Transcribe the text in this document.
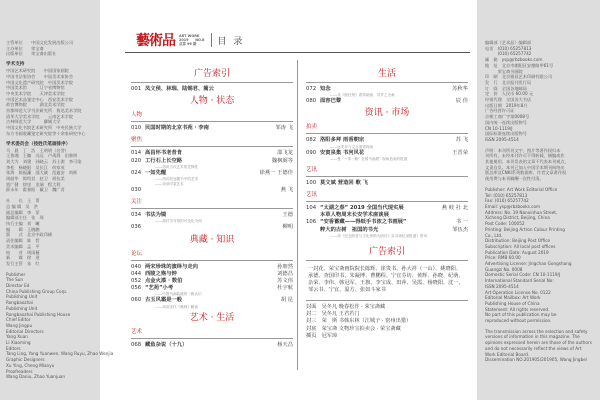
主管单位　　中国文化发展出版公司
主办单位　　荣宝斋
出版单位　　荣宝斋出版社
学术支持
中国艺术研究院　　中国国家画院
中国书法家协会　　中国美术家协会
中国文化遗产研究院　中国美术学院
中国美术馆　　　辽宁省博物馆
中央美术学院　　天津美术学院
中国艺术品鉴定中心　西安美术学院
故宫博物院　　　湖北美术学院
首都师范大学书法研究所　鲁迅美术学院
清华大学美术学院　　云南艺术学院
吉林师范大学　　　聊城大学
中国文化书院艺术研究所　中央民族大学
东方书画收藏鉴定研究院等十余家研究中心
学术委员会（按姓氏笔画排序）
马　晨　丁　浩　王明明（名誉）
王鲁湘　王镛　冯远　卢禹舜　田黎明
刘大为　刘建　孙晓云　苏士澍　李可染
李松　杨晓阳　吴长江　何家英
张海　陈振濂　邵大箴　范迪安　尚辉
周韶华　郎绍君　赵卫　胡抗美
贾广健　徐里　龙瑞　程大利
薛永年　霍春阳　戴卫　魏广君
社　　长　王　菁
总 编 辑　吴　洪
副总编辑　李　菲
编辑部主任　张　瑶
执行主编　刘　曦
编　　辑　王晓鹏
版　　式　北京中政印刷
责任编辑　陈　哲
美术编辑　孟　平
校　　对　周雨薇
新　　媒　徐　进
发行主管　朱　红
Publisher
The Sun
Director Ed
China Publishing Group Corp.
Publishing Unit
Rongbaozhai
Publishing Unit
Rongbaozhai Publishing House
Chief Editor
Wang Jingpu
Editorial Directors
Yang Xuan
Li Xiaoming
Editors
Tang Ling, Yang Yuanwen, Wang Ruyu, Zhao Wenjia
Graphic Designers
Xu Ying, Cheng Mianyu
Proofreaders
Wang Daniu, Zhao Yuanjuan
藝術品 ART WORK
2019　　NO.8
总第 96 期	目 录
广告索引
001 凤文侯、林瑞、陆锡君、蔺云
人物 · 状态
人物
010 民国时期的北京书苑 · 李南	邹涛 飞
聚焦
014 高昌怀书老昔肯	邵飞龙
020 工行石上长空路	魏枫阁等
——再谈当代艺术的先锋性
024 一如先醒	徐燕一 王德佳
——再访故宫藏书中的艺术
——谈谈印鉴艺术
030	燕 飞
关注
034 书法为镜	王德
——探讨书写形的可变化为何
036	柳明
典藏 · 知识
论坛
040 两宋珍珠的演绎与走向	孙朋然
044 西陵之殇与钟	刘德昌
052 点金火漆 · 数伯	苏文伟
056 “艺苑”小考	杜宇航
——中国书画装裱的一般认识
060 古玉风霜是一般	胡 昆
——谈谈宋代《墨林》解读
艺术 · 生活
艺术
068 藏鱼杂说（十九）	杨天昌
生活
072 知念	苏秋华
——从《欧杜刻》看传统画、苏并之全新
080 面容巴黎	辰 佳
资讯 · 市场
拍卖
082 洛阳多拜 雨香朝宗	苏 飞
——远见东与文言遗寄现场
090 安寅泉集 书河风花	王晋荣
——曼 “一带一路” 全国书画展” 现场拍卖的报道
艺讯
100 莫文斌 营造回 歌 飞
艺讯
104 “太湖之春” 2019 全国当代现实展	燕 岐 社 北
本草人物周末长安学术座谈展
106 “安香蓄藏——得纸手书浓之书画展”	书 一
粹大的古树　祖国的书光	邹伍杰
——谈《纪念欣赏与文化形格大研讨》实习场纪录报道》资讯
广告索引
一封花、荣宝斋画院院长陈辉、崔贵书、孙大祥（一山）、姚晓阳、承德、查国印书、朱凝博、曹鹏程、宁宜芬坊、黄辉、孙晓、纪萌、杂荣、李伟、韩冠军、王旗、李宝成、田萍、吴霞、杨晓阳、沈一、邹云书、宁宜、温方、张如斗家书
封面　吴冬凡 晚春松作 · 荣宝斋藏
封二　吴冬凡 王君若门
封三　荣　斯 书韩东林（江城子 · 密州出猎）
封底　荣宝斋 文物珍宝拍卖会 · 荣宝斋藏
插页　冠军璋
编辑部《艺术品》编辑部
电话　(010) 65257813
　　　(010) 65257742
邮　箱　ysp@rbzbooks.com
地　址　北京市朝阳区安德路甲61号
　　　荣宝斋书画院
印　刷　北京雅昌艺术印刷有限公司
发　行　北京报刊发行局
订　阅　全国各地邮局
定　价　人民币 60.00 元
经销代理　全国各大书店
出版日期　2019年8月
广告经营许可证
京朝工商广字第0008号
国内统一连续出版物号
CN 10-1119/J
国际标准连续出版物号
ISSN 2095-4514
声明：本刊所刊文字、图片等著作权归本
刊所有，未经本刊许可不得转载、摘编或作
其他使用。本刊发表的文章不代表本刊观点，
文责自负。本刊已加入中国学术期刊网络出
版总库及CNKI系列数据库，作者文章著作权
使用费与本刊稿酬一次性付清。
Publisher: Art Work Editorial Office
Tel: (010) 65257813
Fax: (010) 65257742
Email: ysp@rbzbooks.com
Address: No. 19 Nanxinhua Street,
Xicheng District, Beijing, China
Post Code: 100052
Printing: Beijing Artron Colour Printing
Co., Ltd.
Distribution: Beijing Post Office
Subscription: All local post offices
Publication Date: August 2019
Price: RMB 60.00
Advertising License: Jingchao Gongshang
Guangzi No. 0008
Domestic Serial Code: CN 10-1119/J
International Standard Serial No:
ISSN 2095-4514
Art Operation License No. 0122
Editorial Mailbox: Art Work
Publishing House of China
Statement: All rights reserved.
No part of this publication may be
reproduced without permission.
The transmission across the selection and safety
versions of information in this magazine. The
opinions expressed herein are those of the authors
and do not necessarily reflect the views of Art
Work Editorial Board.
Dissemination NO.201905/201905, Wang Jingbei
